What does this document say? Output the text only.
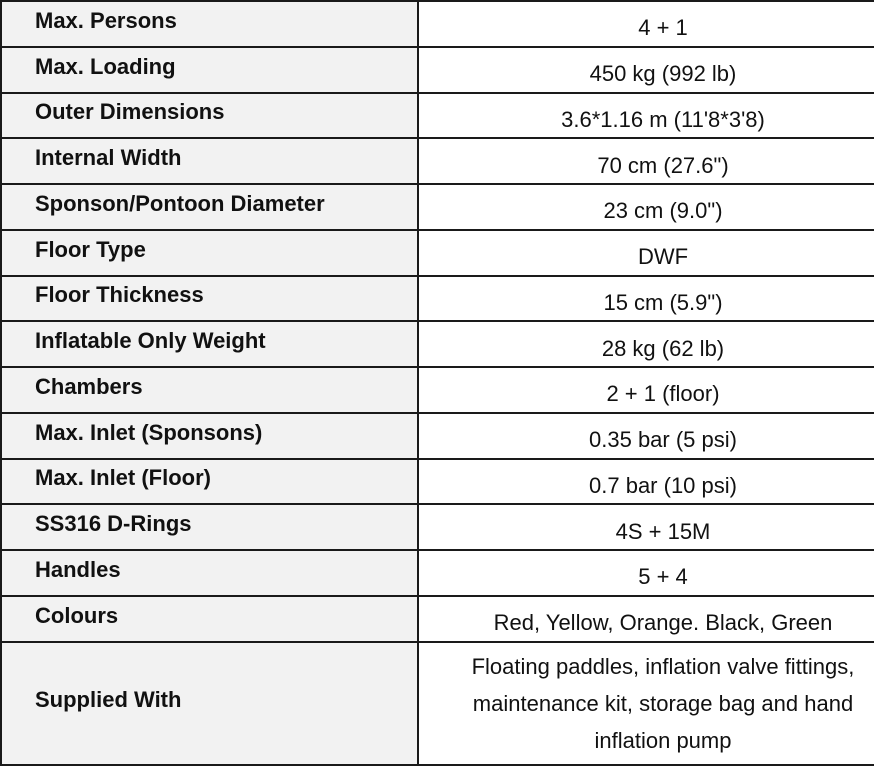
Max. Persons	4 + 1
Max. Loading	450 kg (992 lb)
Outer Dimensions	3.6*1.16 m (11'8*3'8)
Internal Width	70 cm (27.6")
Sponson/Pontoon Diameter	23 cm (9.0")
Floor Type	DWF
Floor Thickness	15 cm (5.9")
Inflatable Only Weight	28 kg (62 lb)
Chambers	2 + 1 (floor)
Max. Inlet (Sponsons)	0.35 bar (5 psi)
Max. Inlet (Floor)	0.7 bar (10 psi)
SS316 D-Rings	4S + 15M
Handles	5 + 4
Colours	Red, Yellow, Orange. Black, Green
Supplied With	Floating paddles, inflation valve fittings,
maintenance kit, storage bag and hand
inflation pump
